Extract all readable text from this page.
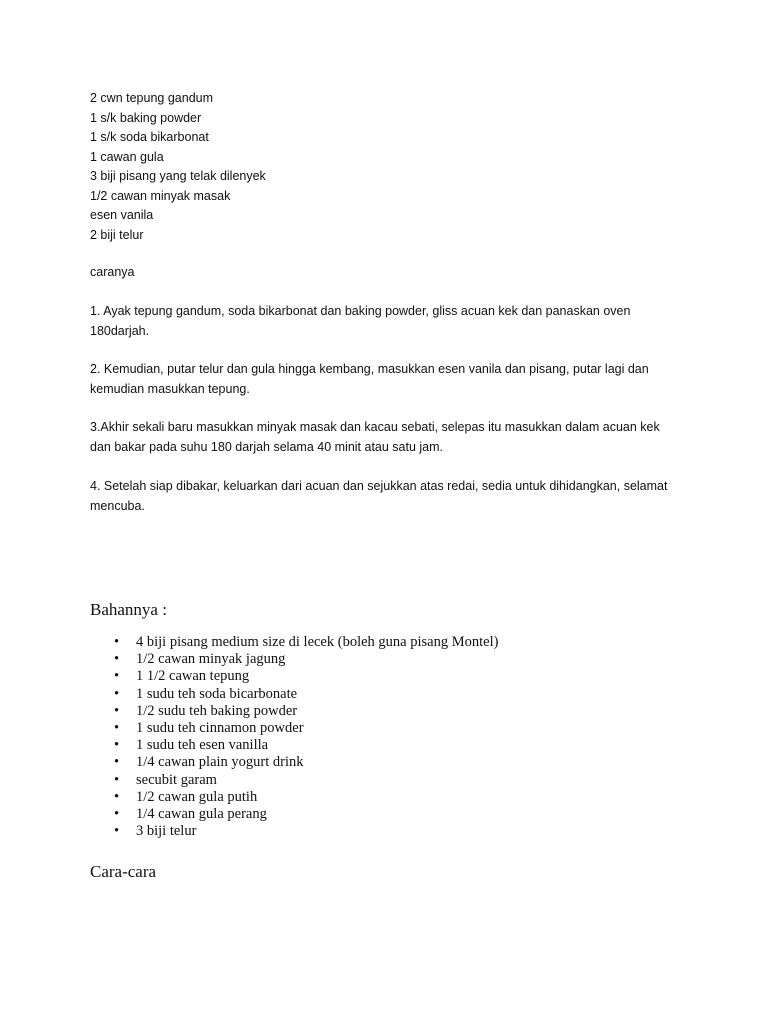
2 cwn tepung gandum
1 s/k baking powder
1 s/k soda bikarbonat
1 cawan gula
3 biji pisang yang telak dilenyek
1/2 cawan minyak masak
esen vanila
2 biji telur

caranya

1. Ayak tepung gandum, soda bikarbonat dan baking powder, gliss acuan kek dan panaskan oven 180darjah.

2. Kemudian, putar telur dan gula hingga kembang, masukkan esen vanila dan pisang, putar lagi dan kemudian masukkan tepung.

3.Akhir sekali baru masukkan minyak masak dan kacau sebati, selepas itu masukkan dalam acuan kek dan bakar pada suhu 180 darjah selama 40 minit atau satu jam.

4. Setelah siap dibakar, keluarkan dari acuan dan sejukkan atas redai, sedia untuk dihidangkan, selamat mencuba.

Bahannya :
• 4 biji pisang medium size di lecek (boleh guna pisang Montel)
• 1/2 cawan minyak jagung
• 1 1/2 cawan tepung
• 1 sudu teh soda bicarbonate
• 1/2 sudu teh baking powder
• 1 sudu teh cinnamon powder
• 1 sudu teh esen vanilla
• 1/4 cawan plain yogurt drink
• secubit garam
• 1/2 cawan gula putih
• 1/4 cawan gula perang
• 3 biji telur
Cara-cara
